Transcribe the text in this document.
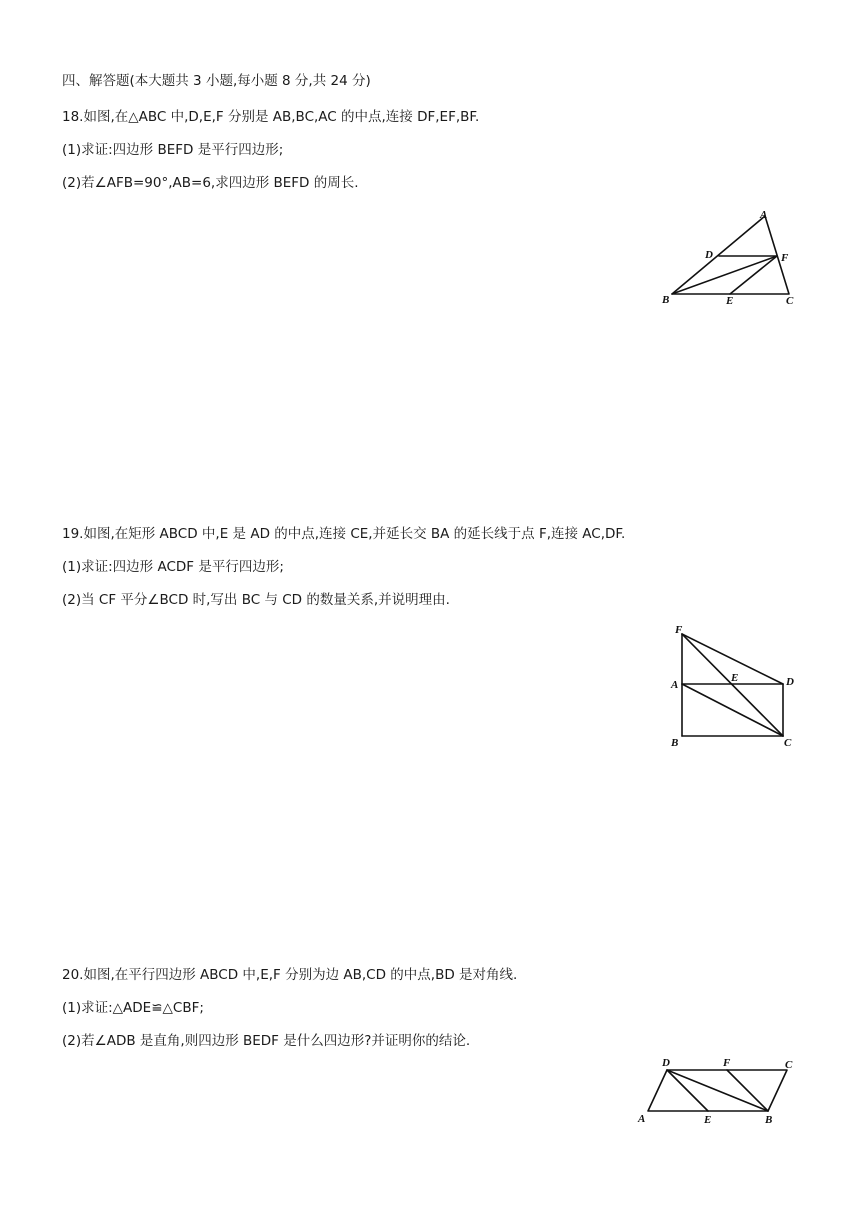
四、解答题(本大题共 3 小题,每小题 8 分,共 24 分)
18.如图,在△ABC 中,D,E,F 分别是 AB,BC,AC 的中点,连接 DF,EF,BF.
(1)求证:四边形 BEFD 是平行四边形;
(2)若∠AFB=90°,AB=6,求四边形 BEFD 的周长.
A
D	F
B	E	C
19.如图,在矩形 ABCD 中,E 是 AD 的中点,连接 CE,并延长交 BA 的延长线于点 F,连接 AC,DF.
(1)求证:四边形 ACDF 是平行四边形;
(2)当 CF 平分∠BCD 时,写出 BC 与 CD 的数量关系,并说明理由.
F
E
A	D
B	C
20.如图,在平行四边形 ABCD 中,E,F 分别为边 AB,CD 的中点,BD 是对角线.
(1)求证:△ADE≌△CBF;
(2)若∠ADB 是直角,则四边形 BEDF 是什么四边形?并证明你的结论.
D	F	C
A	E	B
